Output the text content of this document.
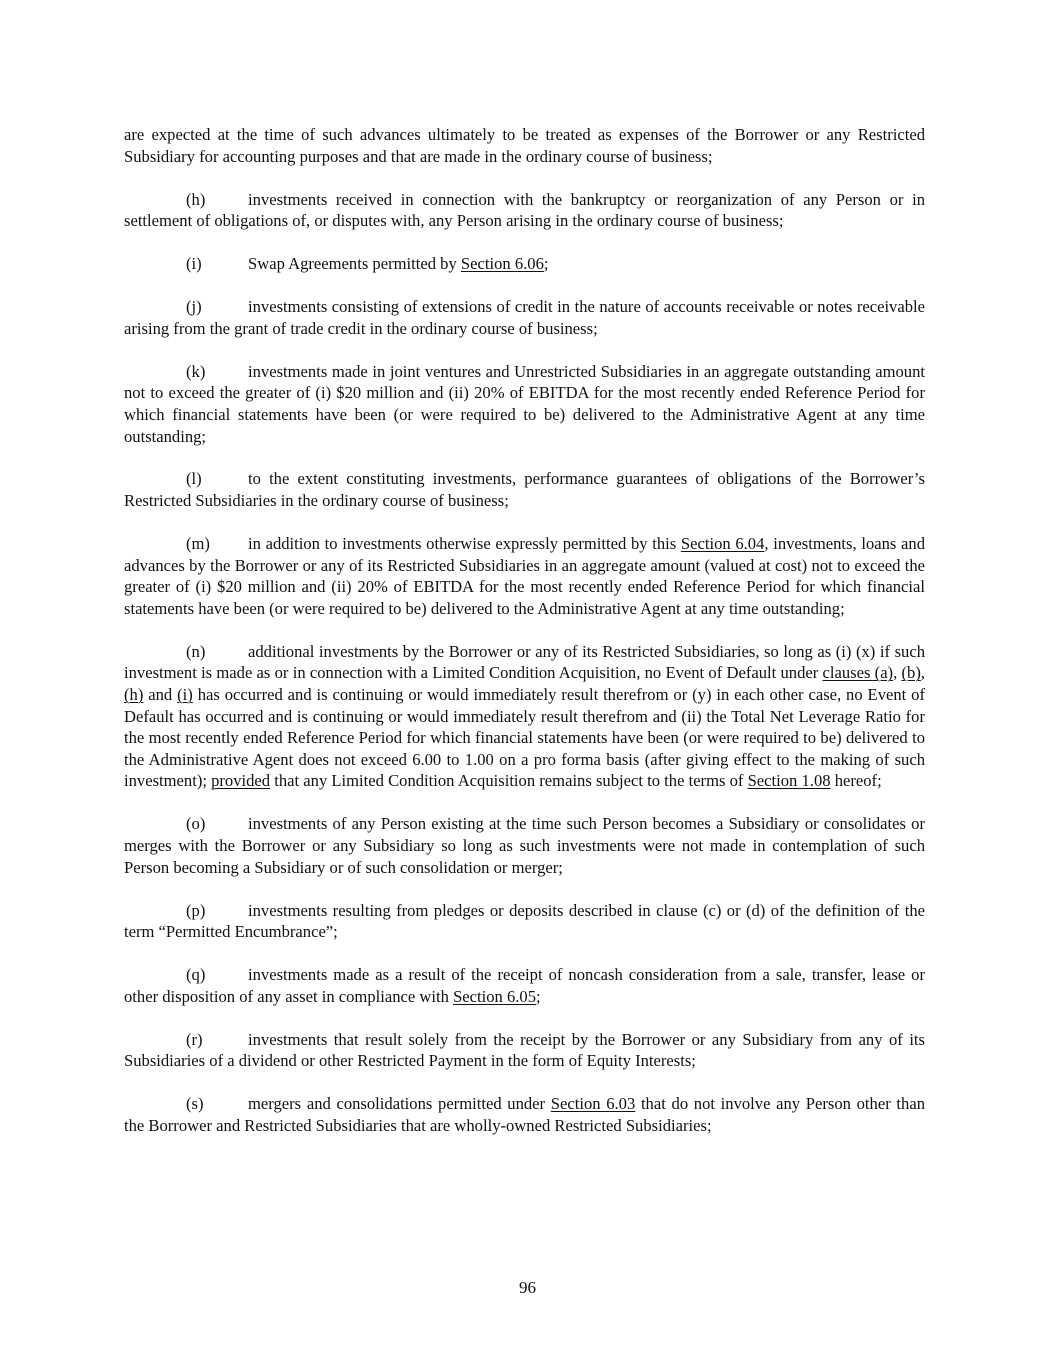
are expected at the time of such advances ultimately to be treated as expenses of the Borrower or any Restricted Subsidiary for accounting purposes and that are made in the ordinary course of business;

(h)	investments received in connection with the bankruptcy or reorganization of any Person or in settlement of obligations of, or disputes with, any Person arising in the ordinary course of business;

(i)	Swap Agreements permitted by Section 6.06;

(j)	investments consisting of extensions of credit in the nature of accounts receivable or notes receivable arising from the grant of trade credit in the ordinary course of business;

(k)	investments made in joint ventures and Unrestricted Subsidiaries in an aggregate outstanding amount not to exceed the greater of (i) $20 million and (ii) 20% of EBITDA for the most recently ended Reference Period for which financial statements have been (or were required to be) delivered to the Administrative Agent at any time outstanding;

(l)	to the extent constituting investments, performance guarantees of obligations of the Borrower’s Restricted Subsidiaries in the ordinary course of business;

(m) in addition to investments otherwise expressly permitted by this Section 6.04, investments, loans and advances by the Borrower or any of its Restricted Subsidiaries in an aggregate amount (valued at cost) not to exceed the greater of (i) $20 million and (ii) 20% of EBITDA for the most recently ended Reference Period for which financial statements have been (or were required to be) delivered to the Administrative Agent at any time outstanding;

(n)	additional investments by the Borrower or any of its Restricted Subsidiaries, so long as (i) (x) if such investment is made as or in connection with a Limited Condition Acquisition, no Event of Default under clauses (a), (b), (h) and (i) has occurred and is continuing or would immediately result therefrom or (y) in each other case, no Event of Default has occurred and is continuing or would immediately result therefrom and (ii) the Total Net Leverage Ratio for the most recently ended Reference Period for which financial statements have been (or were required to be) delivered to the Administrative Agent does not exceed 6.00 to 1.00 on a pro forma basis (after giving effect to the making of such investment); provided that any Limited Condition Acquisition remains subject to the terms of Section 1.08 hereof;

(o)	investments of any Person existing at the time such Person becomes a Subsidiary or consolidates or merges with the Borrower or any Subsidiary so long as such investments were not made in contemplation of such Person becoming a Subsidiary or of such consolidation or merger;

(p)	investments resulting from pledges or deposits described in clause (c) or (d) of the definition of the term “Permitted Encumbrance”;

(q)	investments made as a result of the receipt of noncash consideration from a sale, transfer, lease or other disposition of any asset in compliance with Section 6.05;

(r)	investments that result solely from the receipt by the Borrower or any Subsidiary from any of its Subsidiaries of a dividend or other Restricted Payment in the form of Equity Interests;

(s)	mergers and consolidations permitted under Section 6.03 that do not involve any Person other than the Borrower and Restricted Subsidiaries that are wholly-owned Restricted Subsidiaries;

96
